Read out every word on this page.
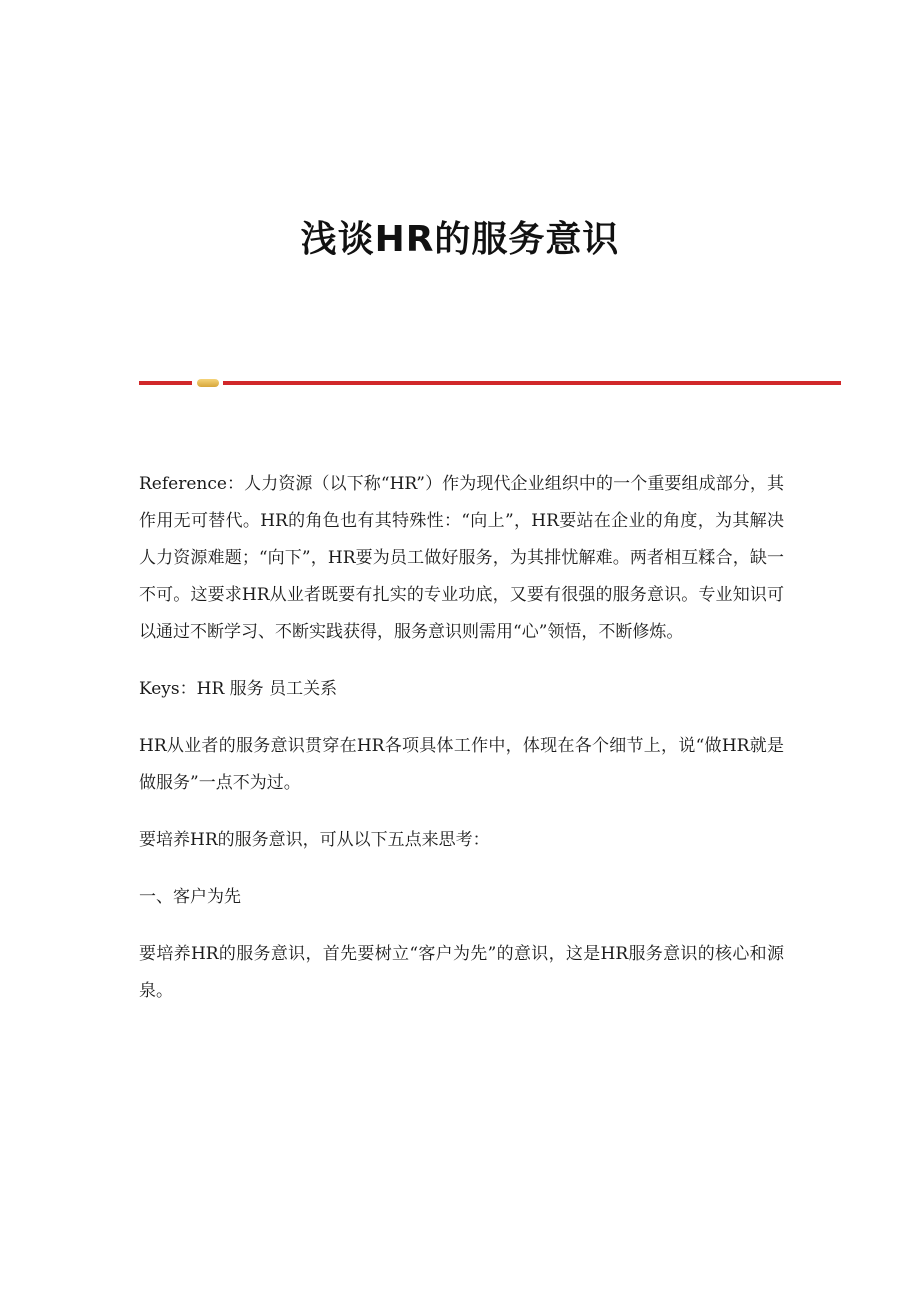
浅谈HR的服务意识

Reference：人力资源（以下称“HR”）作为现代企业组织中的一个重要组成部分，其作用无可替代。HR的角色也有其特殊性：“向上”，HR要站在企业的角度，为其解决人力资源难题；“向下”，HR要为员工做好服务，为其排忧解难。两者相互糅合，缺一不可。这要求HR从业者既要有扎实的专业功底，又要有很强的服务意识。专业知识可以通过不断学习、不断实践获得，服务意识则需用“心”领悟，不断修炼。

Keys：HR 服务 员工关系

HR从业者的服务意识贯穿在HR各项具体工作中，体现在各个细节上，说“做HR就是做服务”一点不为过。

要培养HR的服务意识，可从以下五点来思考：

一、客户为先

要培养HR的服务意识，首先要树立“客户为先”的意识，这是HR服务意识的核心和源泉。
